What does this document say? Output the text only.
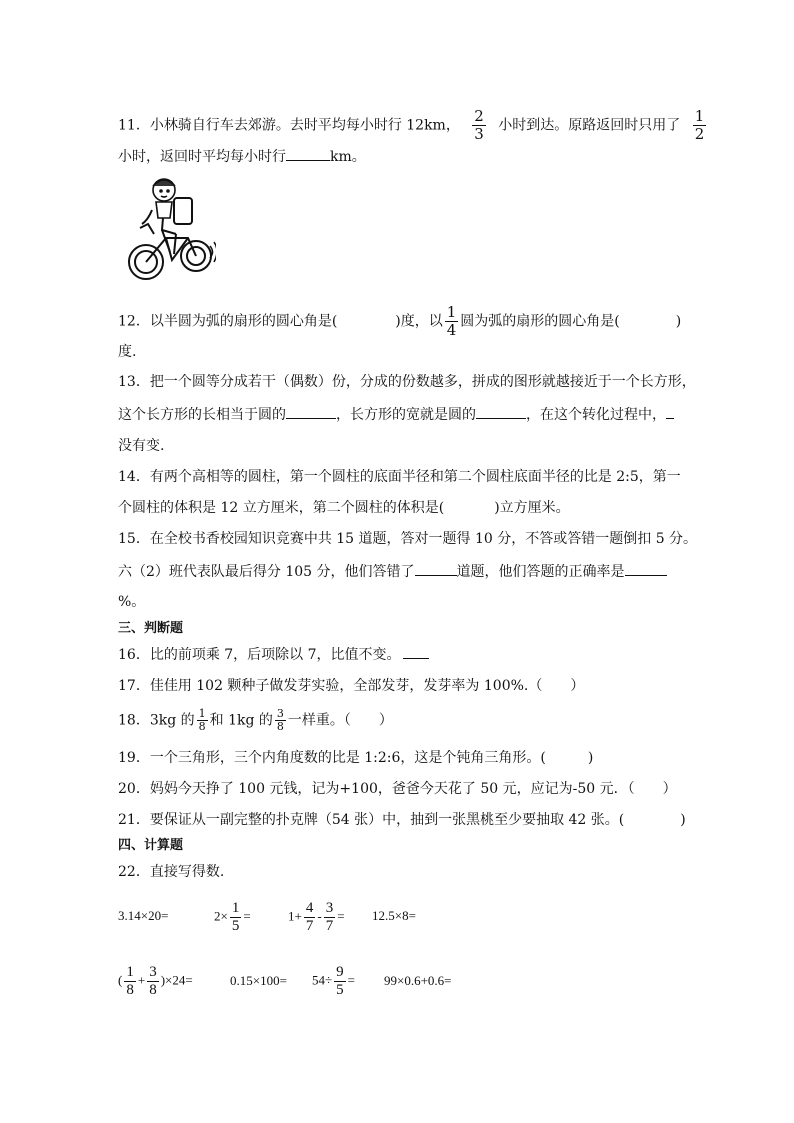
11．小林骑自行车去郊游。去时平均每小时行 12km， $\frac{2}{3}$ 小时到达。原路返回时只用了 $\frac{1}{2}$
小时，返回时平均每小时行	km。
12．以半圆为弧的扇形的圆心角是(	)度，以 $\frac{1}{4}$ 圆为弧的扇形的圆心角是(	)
度.
13．把一个圆等分成若干（偶数）份，分成的份数越多，拼成的图形就越接近于一个长方形，
这个长方形的长相当于圆的	，长方形的宽就是圆的	，在这个转化过程中，
没有变.
14．有两个高相等的圆柱，第一个圆柱的底面半径和第二个圆柱底面半径的比是 2:5，第一
个圆柱的体积是 12 立方厘米，第二个圆柱的体积是(	)立方厘米。
15．在全校书香校园知识竞赛中共 15 道题，答对一题得 10 分，不答或答错一题倒扣 5 分。
六（2）班代表队最后得分 105 分，他们答错了	道题，他们答题的正确率是
%。
三、判断题
16．比的前项乘 7，后项除以 7，比值不变。
17．佳佳用 102 颗种子做发芽实验，全部发芽，发芽率为 100%.（　　）
18．3kg 的 $\frac{1}{8}$ 和 1kg 的 $\frac{3}{8}$ 一样重。（　　）
19．一个三角形，三个内角度数的比是 1:2:6，这是个钝角三角形。(　　　)
20．妈妈今天挣了 100 元钱，记为+100，爸爸今天花了 50 元，应记为-50 元．（　　）
21．要保证从一副完整的扑克牌（54 张）中，抽到一张黑桃至少要抽取 42 张。(　　　　)
四、计算题
22．直接写得数.
3.14×20=	$2\times \frac{1}{5}$ =	$1+ \frac{4}{7} - \frac{3}{7} = 12.5\times 8=$
( $\frac{1}{8} + \frac{3}{8} )\times 24=$	$0.15\times 100= 54\div \frac{9}{5} = 99\times 0.6+0.6=$
